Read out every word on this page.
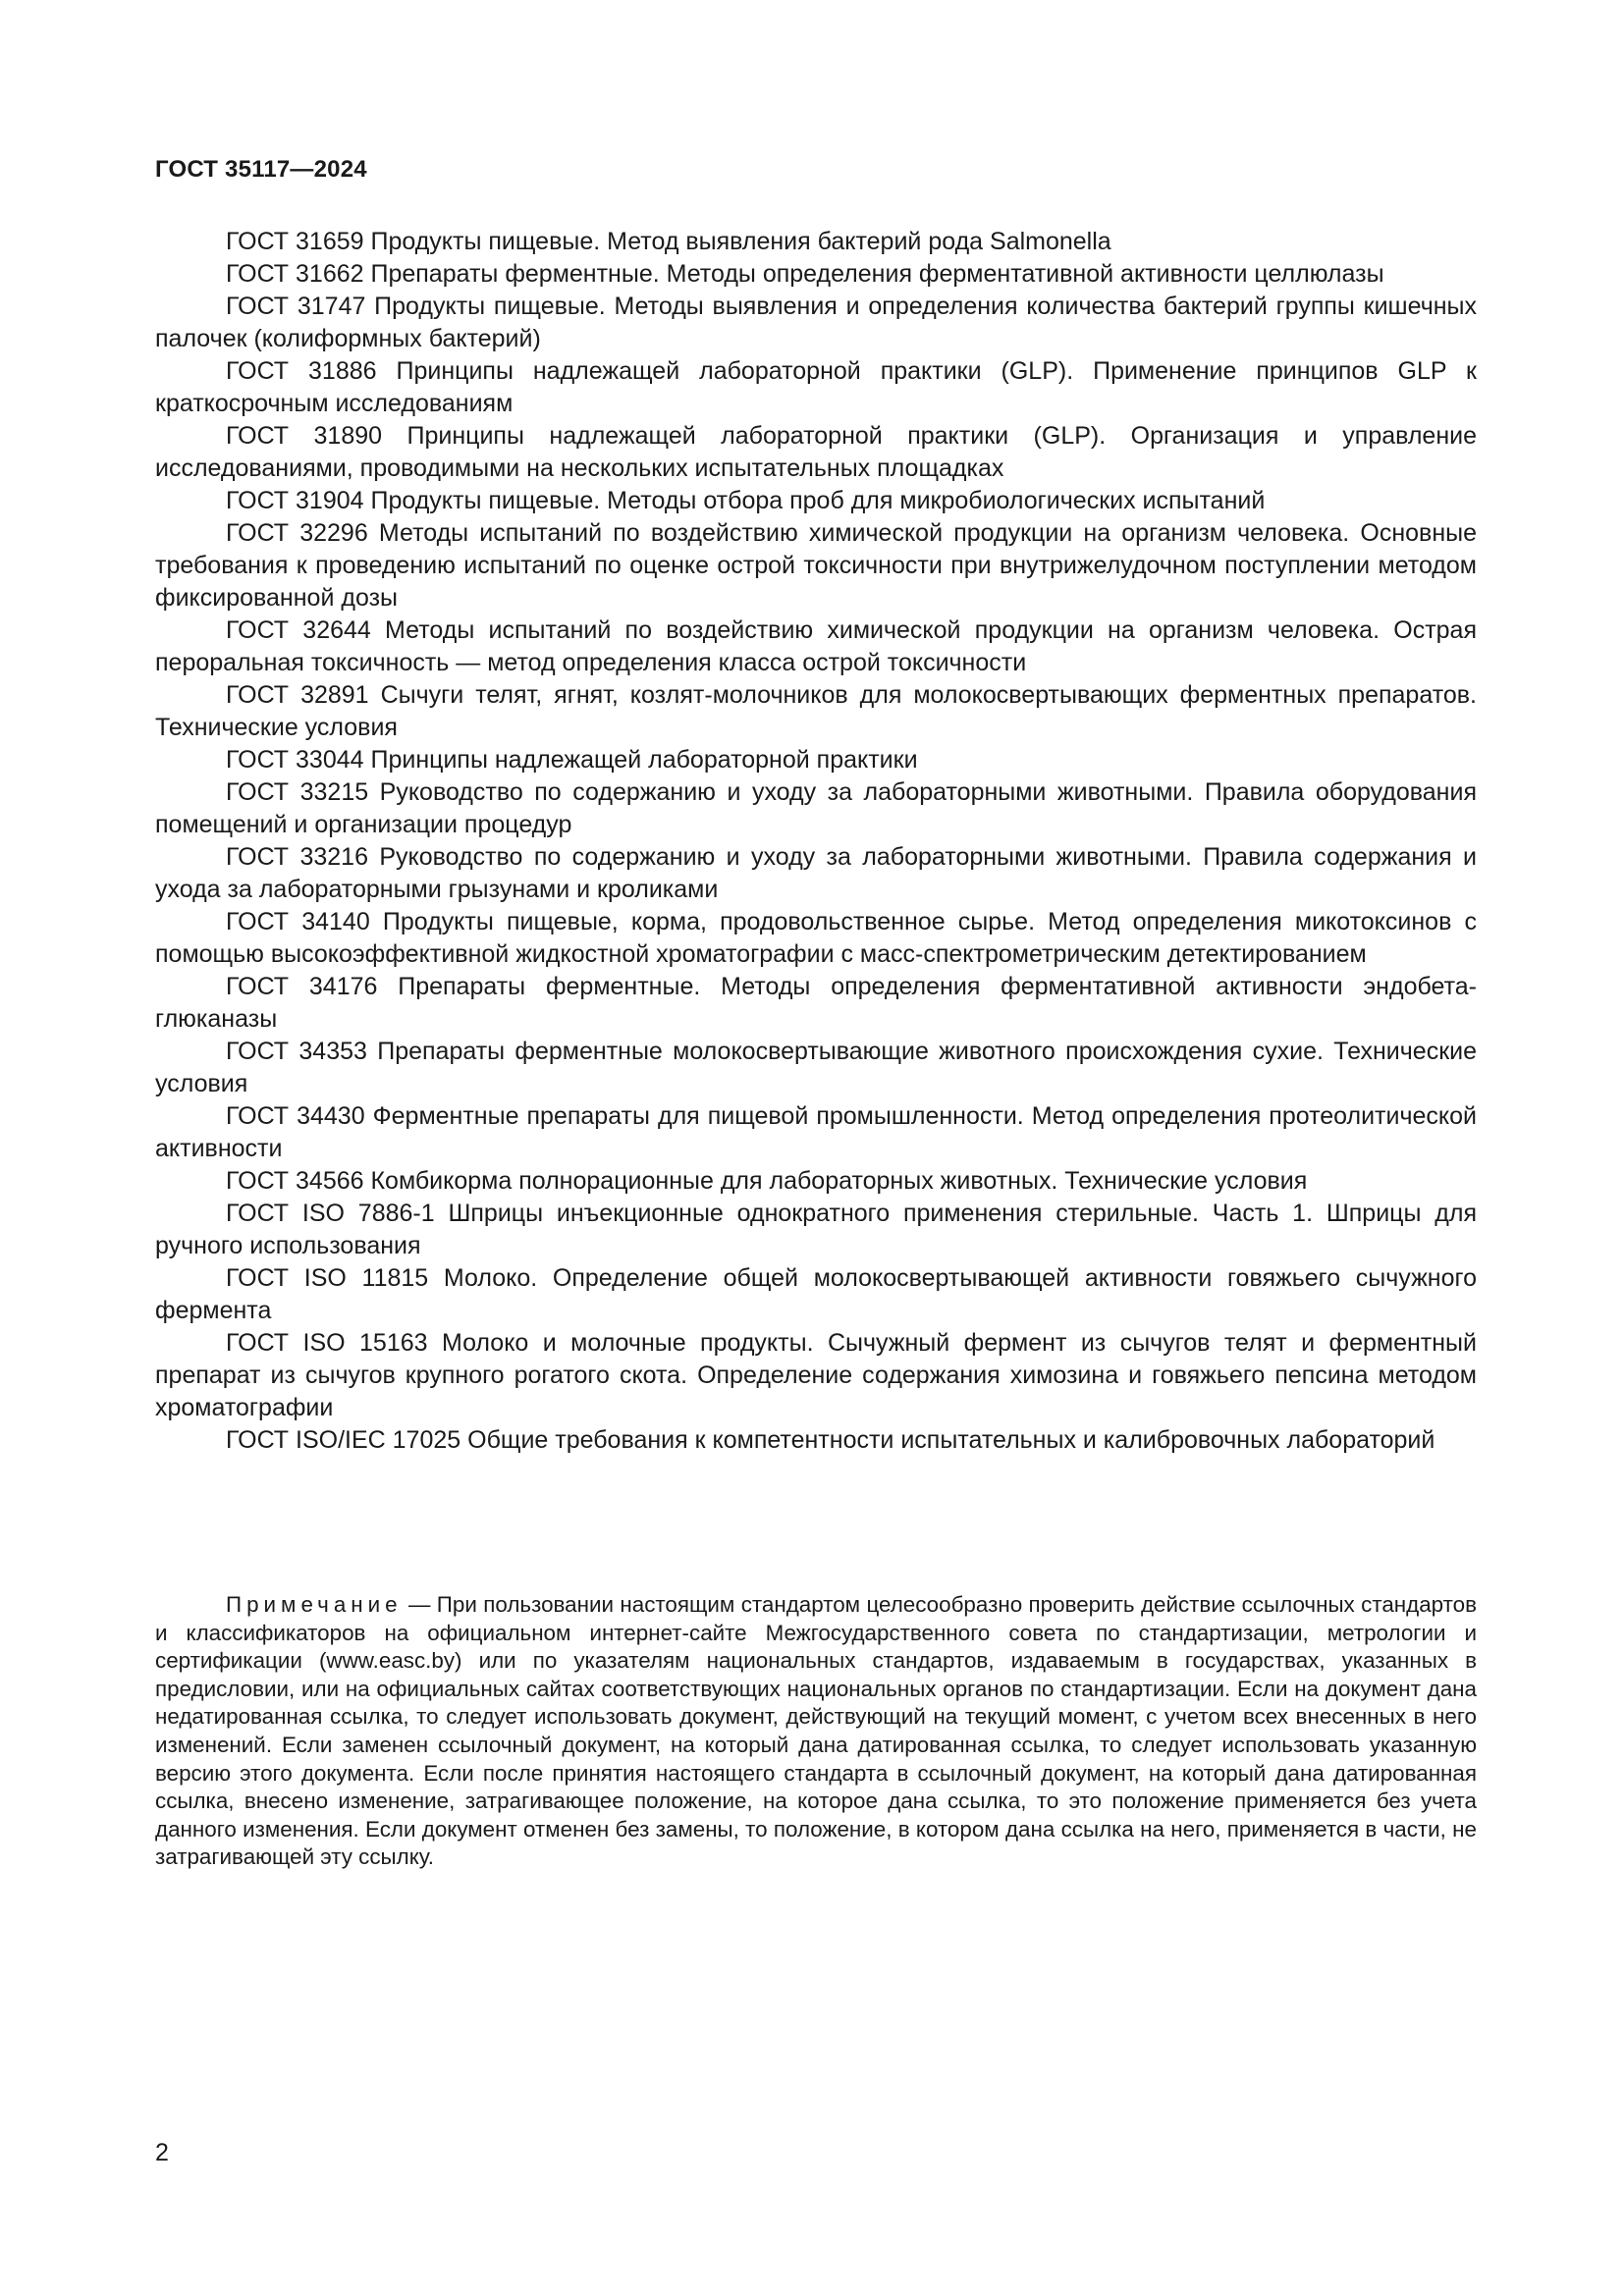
ГОСТ 35117—2024

ГОСТ 31659 Продукты пищевые. Метод выявления бактерий рода Salmonella

ГОСТ 31662 Препараты ферментные. Методы определения ферментативной активности целлюлазы

ГОСТ 31747 Продукты пищевые. Методы выявления и определения количества бактерий группы кишечных палочек (колиформных бактерий)

ГОСТ 31886 Принципы надлежащей лабораторной практики (GLP). Применение принципов GLP к краткосрочным исследованиям

ГОСТ 31890 Принципы надлежащей лабораторной практики (GLP). Организация и управление исследованиями, проводимыми на нескольких испытательных площадках

ГОСТ 31904 Продукты пищевые. Методы отбора проб для микробиологических испытаний

ГОСТ 32296 Методы испытаний по воздействию химической продукции на организм человека. Основные требования к проведению испытаний по оценке острой токсичности при внутрижелудочном поступлении методом фиксированной дозы

ГОСТ 32644 Методы испытаний по воздействию химической продукции на организм человека. Острая пероральная токсичность — метод определения класса острой токсичности

ГОСТ 32891 Сычуги телят, ягнят, козлят-молочников для молокосвертывающих ферментных препаратов. Технические условия

ГОСТ 33044 Принципы надлежащей лабораторной практики

ГОСТ 33215 Руководство по содержанию и уходу за лабораторными животными. Правила оборудования помещений и организации процедур

ГОСТ 33216 Руководство по содержанию и уходу за лабораторными животными. Правила содержания и ухода за лабораторными грызунами и кроликами

ГОСТ 34140 Продукты пищевые, корма, продовольственное сырье. Метод определения микотоксинов с помощью высокоэффективной жидкостной хроматографии с масс-спектрометрическим детектированием

ГОСТ 34176 Препараты ферментные. Методы определения ферментативной активности эндобета-глюканазы

ГОСТ 34353 Препараты ферментные молокосвертывающие животного происхождения сухие. Технические условия

ГОСТ 34430 Ферментные препараты для пищевой промышленности. Метод определения протеолитической активности

ГОСТ 34566 Комбикорма полнорационные для лабораторных животных. Технические условия

ГОСТ ISO 7886-1 Шприцы инъекционные однократного применения стерильные. Часть 1. Шприцы для ручного использования

ГОСТ ISO 11815 Молоко. Определение общей молокосвертывающей активности говяжьего сычужного фермента

ГОСТ ISO 15163 Молоко и молочные продукты. Сычужный фермент из сычугов телят и ферментный препарат из сычугов крупного рогатого скота. Определение содержания химозина и говяжьего пепсина методом хроматографии

ГОСТ ISO/IEC 17025 Общие требования к компетентности испытательных и калибровочных лабораторий

Примечание — При пользовании настоящим стандартом целесообразно проверить действие ссылочных стандартов и классификаторов на официальном интернет-сайте Межгосударственного совета по стандартизации, метрологии и сертификации (www.easc.by) или по указателям национальных стандартов, издаваемым в государствах, указанных в предисловии, или на официальных сайтах соответствующих национальных органов по стандартизации. Если на документ дана недатированная ссылка, то следует использовать документ, действующий на текущий момент, с учетом всех внесенных в него изменений. Если заменен ссылочный документ, на который дана датированная ссылка, то следует использовать указанную версию этого документа. Если после принятия настоящего стандарта в ссылочный документ, на который дана датированная ссылка, внесено изменение, затрагивающее положение, на которое дана ссылка, то это положение применяется без учета данного изменения. Если документ отменен без замены, то положение, в котором дана ссылка на него, применяется в части, не затрагивающей эту ссылку.

2
